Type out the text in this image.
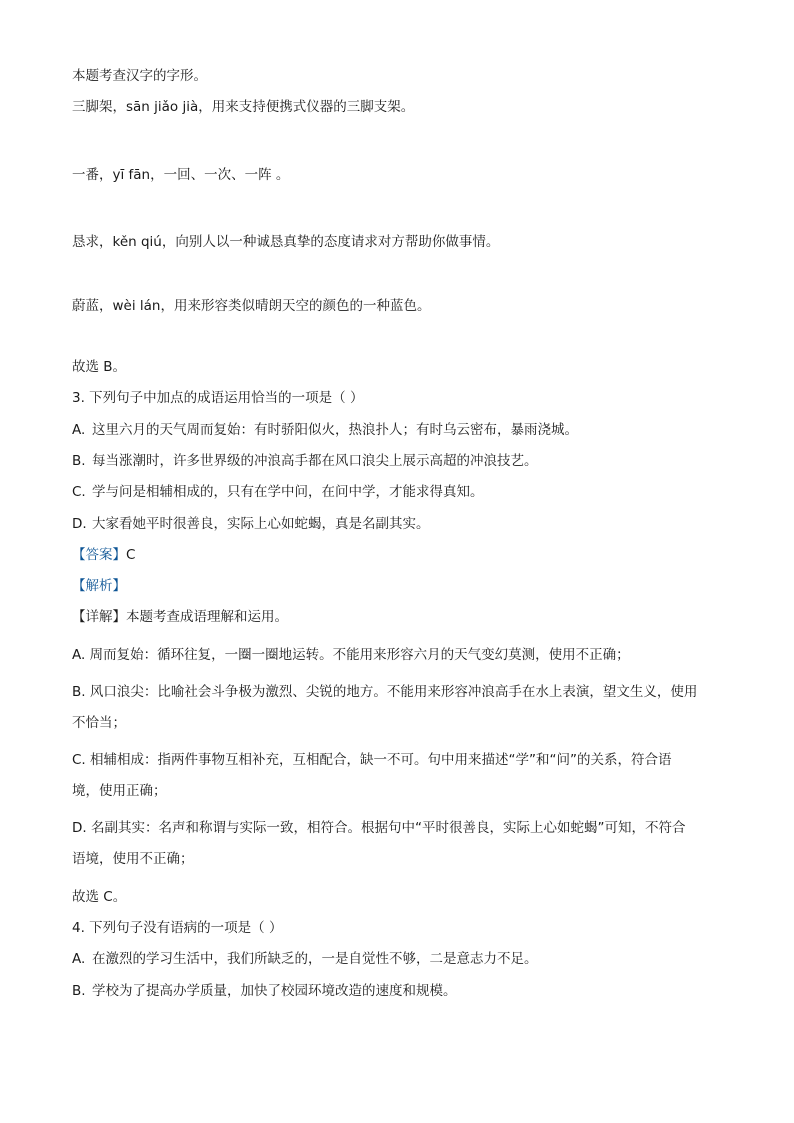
本题考查汉字的字形。
三脚架，sān jiǎo jià，用来支持便携式仪器的三脚支架。
一番，yī fān，一回、一次、一阵 。
恳求，kěn qiú，向别人以一种诚恳真挚的态度请求对方帮助你做事情。
蔚蓝，wèi lán，用来形容类似晴朗天空的颜色的一种蓝色。
故选 B。
3. 下列句子中加点的成语运用恰当的一项是（ ）
A. 这里六月的天气周而复始：有时骄阳似火，热浪扑人；有时乌云密布，暴雨浇城。
B. 每当涨潮时，许多世界级的冲浪高手都在风口浪尖上展示高超的冲浪技艺。
C. 学与问是相辅相成的，只有在学中问，在问中学，才能求得真知。
D. 大家看她平时很善良，实际上心如蛇蝎，真是名副其实。
【答案】C
【解析】
【详解】本题考查成语理解和运用。
A. 周而复始：循环往复，一圈一圈地运转。不能用来形容六月的天气变幻莫测，使用不正确；
B. 风口浪尖：比喻社会斗争极为激烈、尖锐的地方。不能用来形容冲浪高手在水上表演，望文生义，使用
不恰当；
C. 相辅相成：指两件事物互相补充，互相配合，缺一不可。句中用来描述“学”和“问”的关系，符合语
境，使用正确；
D. 名副其实：名声和称谓与实际一致，相符合。根据句中“平时很善良，实际上心如蛇蝎”可知，不符合
语境，使用不正确；
故选 C。
4. 下列句子没有语病的一项是（ ）
A. 在激烈的学习生活中，我们所缺乏的，一是自觉性不够，二是意志力不足。
B. 学校为了提高办学质量，加快了校园环境改造的速度和规模。
